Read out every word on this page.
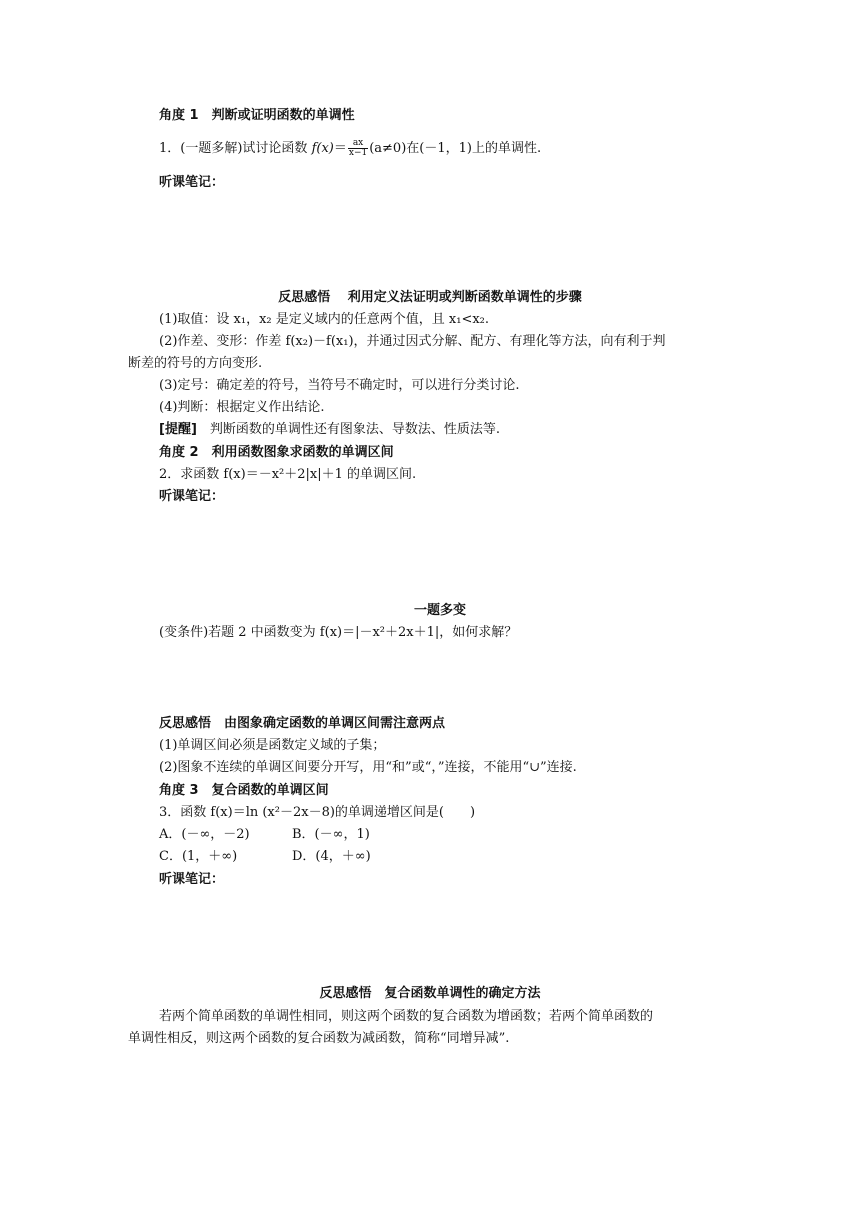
角度 1　判断或证明函数的单调性
1．(一题多解)试讨论函数 $f(x)= \frac{ax}{x-1} (a\ne 0)$在(－1，1)上的单调性.
听课笔记：
反思感悟　 利用定义法证明或判断函数单调性的步骤
(1)取值：设 x₁，x₂ 是定义域内的任意两个值，且 x₁<x₂.
(2)作差、变形：作差 f(x₂)－f(x₁)，并通过因式分解、配方、有理化等方法，向有利于判
断差的符号的方向变形.
(3)定号：确定差的符号，当符号不确定时，可以进行分类讨论.
(4)判断：根据定义作出结论.
[提醒]　判断函数的单调性还有图象法、导数法、性质法等.
角度 2　利用函数图象求函数的单调区间
2．求函数 f(x)＝－x²＋2|x|＋1 的单调区间.
听课笔记：
一题多变
(变条件)若题 2 中函数变为 f(x)＝|－x²＋2x＋1|，如何求解？
反思感悟　由图象确定函数的单调区间需注意两点
(1)单调区间必须是函数定义域的子集；
(2)图象不连续的单调区间要分开写，用“和”或“，”连接，不能用“∪”连接.
角度 3　复合函数的单调区间
3．函数 f(x)＝ln (x²－2x－8)的单调递增区间是(　　)
A．(－∞，－2)	B．(－∞，1)
C．(1，＋∞)	D．(4，＋∞)
听课笔记：
反思感悟　复合函数单调性的确定方法
若两个简单函数的单调性相同，则这两个函数的复合函数为增函数；若两个简单函数的
单调性相反，则这两个函数的复合函数为减函数，简称“同增异减”.
